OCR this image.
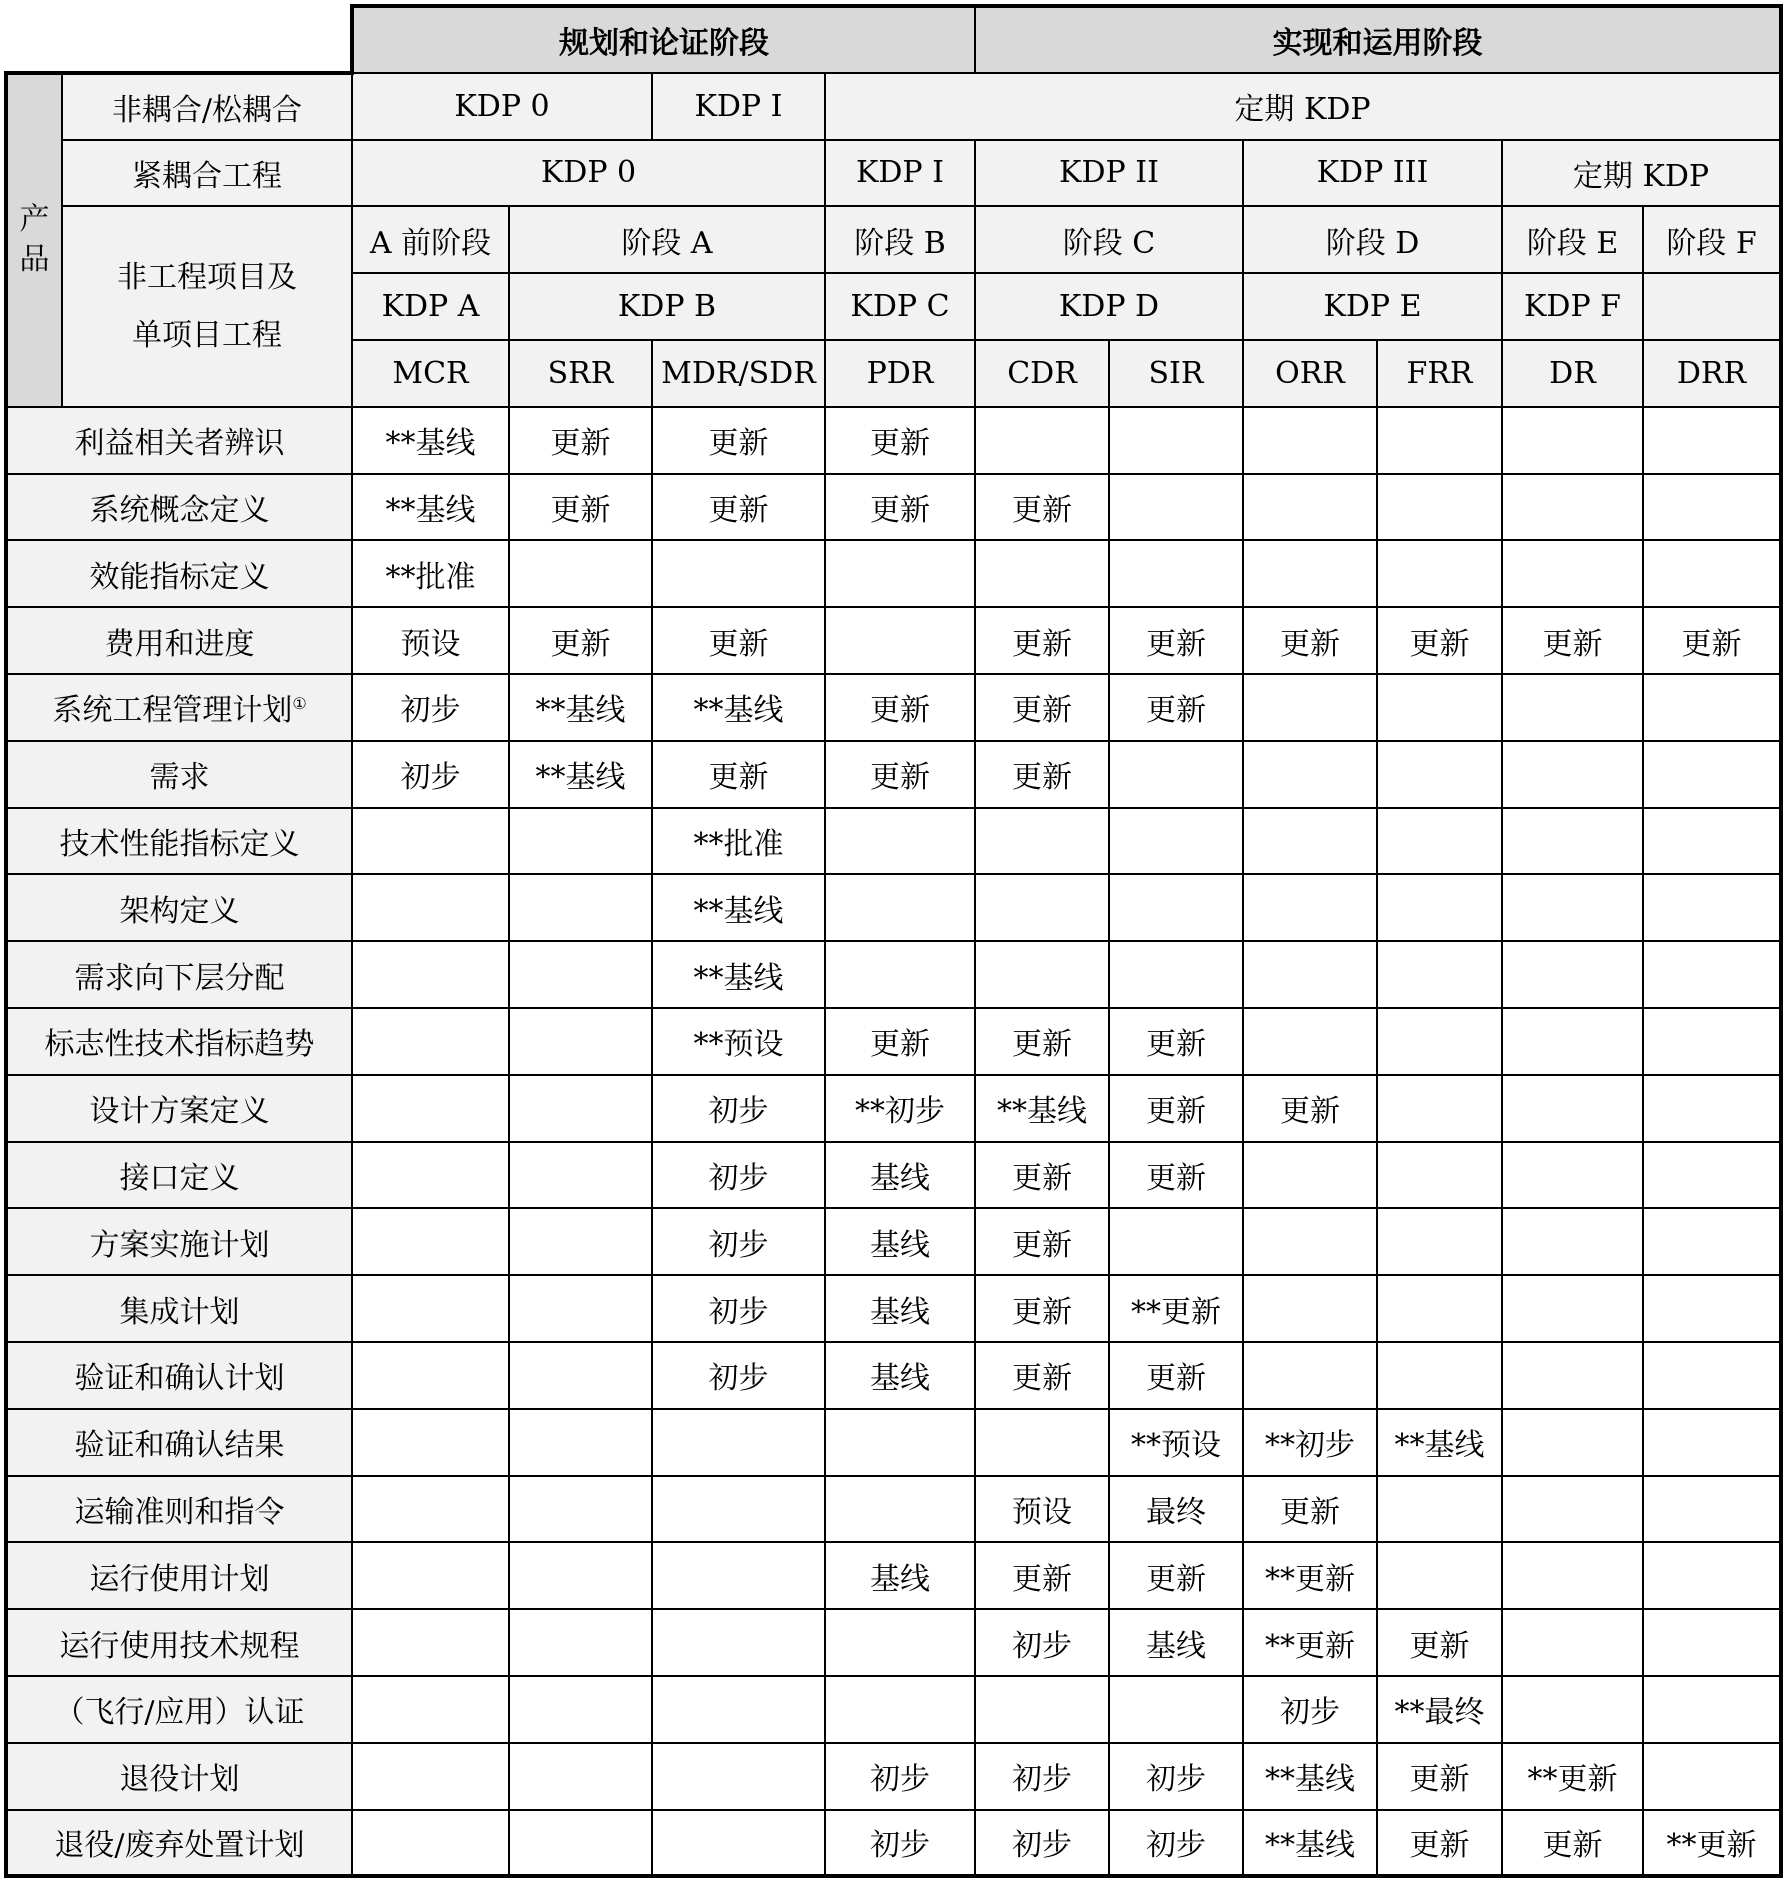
		规划和论证阶段				实现和运用阶段					

产
品	非耦合/松耦合	KDP 0		KDP I	定期 KDP						
	紧耦合工程	KDP 0			KDP I	KDP II		KDP III		定期 KDP	

	非工程项目及
单项目工程	A 前阶段	阶段 A		阶段 B	阶段 C		阶段 D		阶段 E	阶段 F
		KDP A	KDP B		KDP C	KDP D		KDP E		KDP F	
		MCR	SRR	MDR/SDR	PDR	CDR	SIR	ORR	FRR	DR	DRR
利益相关者辨识		**基线	更新	更新	更新						
系统概念定义		**基线	更新	更新	更新	更新					
效能指标定义		**批准									
费用和进度		预设	更新	更新		更新	更新	更新	更新	更新	更新
系统工程管理计划①		初步	**基线	**基线	更新	更新	更新				
需求		初步	**基线	更新	更新	更新					
技术性能指标定义				**批准							
架构定义				**基线							
需求向下层分配				**基线							
标志性技术指标趋势				**预设	更新	更新	更新				
设计方案定义				初步	**初步	**基线	更新	更新			
接口定义				初步	基线	更新	更新				
方案实施计划				初步	基线	更新					
集成计划				初步	基线	更新	**更新				
验证和确认计划				初步	基线	更新	更新				
验证和确认结果							**预设	**初步	**基线		
运输准则和指令						预设	最终	更新			
运行使用计划					基线	更新	更新	**更新			
运行使用技术规程						初步	基线	**更新	更新		
（飞行/应用）认证								初步	**最终		
退役计划					初步	初步	初步	**基线	更新	**更新	
退役/废弃处置计划					初步	初步	初步	**基线	更新	更新	**更新
